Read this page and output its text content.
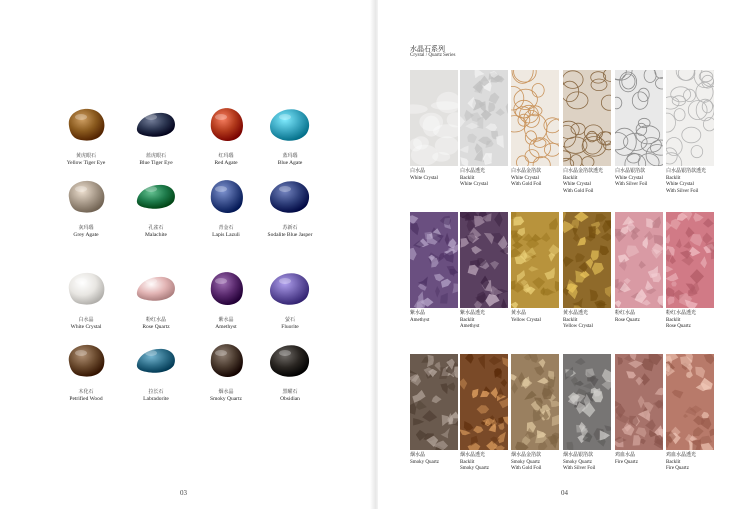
黄虎眼石
Yellow Tiger Eye
蓝虎眼石
Blue Tiger Eye
红玛瑙
Red Agate
蓝玛瑙
Blue Agate
灰玛瑙
Grey Agate
孔雀石
Malachite
青金石
Lapis Lazuli
苏新石
Sodalite Blue Jasper
白水晶
White Crystal
粉红水晶
Rose Quartz
紫水晶
Amethyst
萤石
Fluorite
木化石
Petrified Wood
拉长石
Labradorite
烟水晶
Smoky Quartz
黑曜石
Obsidian
03
水晶石系列
Crystal / Quartz Series
白水晶
White Crystal
白水晶透光
Backlit
White Crystal
白水晶金箔款
White Crystal
With Gold Foil
白水晶金箔款透光
Backlit
White Crystal
With Gold Foil
白水晶银箔款
White Crystal
With Silver Foil
白水晶银箔款透光
Backlit
White Crystal
With Silver Foil
紫水晶
Amethyst
紫水晶透光
Backlit
Amethyst
黄水晶
Yellow Crystal
黄水晶透光
Backlit
Yellow Crystal
粉红水晶
Rose Quartz
粉红水晶透光
Backlit
Rose Quartz
烟水晶
Smoky Quartz
烟水晶透光
Backlit
Smoky Quartz
烟水晶金箔款
Smoky Quartz
With Gold Foil
烟水晶银箔款
Smoky Quartz
With Silver Foil
鸡血水晶
Fire Quartz
鸡血水晶透光
Backlit
Fire Quartz
04
